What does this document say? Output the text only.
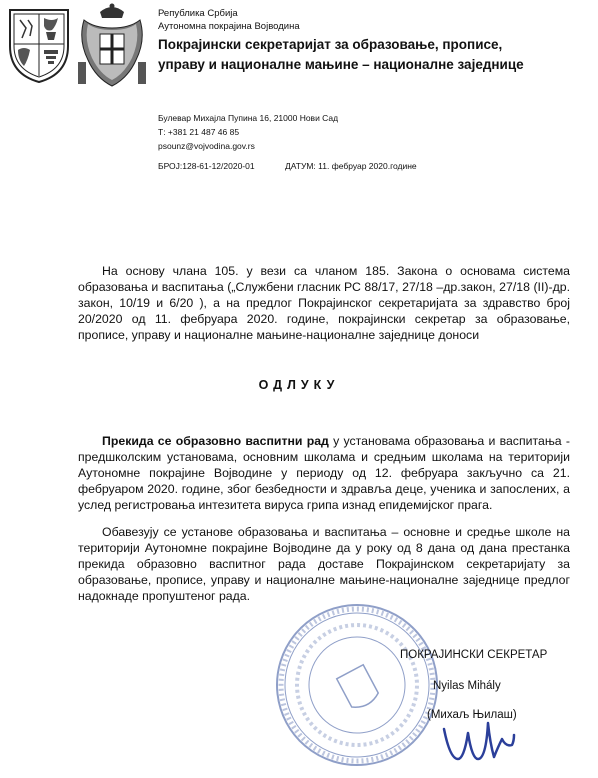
Република Србија
Аутономна покрајина Војводина
Покрајински секретаријат за образовање, прописе,
управу и националне мањине – националне заједнице
Булевар Михајла Пупина 16, 21000 Нови Сад
Т: +381 21 487 46 85
psounz@vojvodina.gov.rs
БРОЈ:128-61-12/2020-01	ДАТУМ: 11. фебруар 2020.године
На основу члана 105. у вези са чланом 185. Закона о основама система образовања и васпитања („Службени гласник РС 88/17, 27/18 –др.закон, 27/18 (II)-др. закон, 10/19 и 6/20 ), а на предлог Покрајинског секретаријата за здравство број 20/2020 од 11. фебруара 2020. године, покрајински секретар за образовање, прописе, управу и националне мањине-националне заједнице доноси
ОДЛУКУ
Прекида се образовно васпитни рад у установама образовања и васпитања - предшколским установама, основним школама и средњим школама на територији Аутономне покрајине Војводине у периоду од 12. фебруара закључно са 21. фебруаром 2020. године, због безбедности и здравља деце, ученика и запослених, а услед регистровања интезитета вируса грипа изнад епидемијског прага.
Обавезују се установе образовања и васпитања – основне и средње школе на територији Аутономне покрајине Војводине да у року од 8 дана од дана престанка прекида образовно васпитног рада доставе Покрајинском секретаријату за образовање, прописе, управу и националне мањине-националне заједнице предлог надокнаде пропуштеног рада.
ПОКРАЈИНСКИ СЕКРЕТАР
Nyilas Mihály
(Михаљ Њилаш)
